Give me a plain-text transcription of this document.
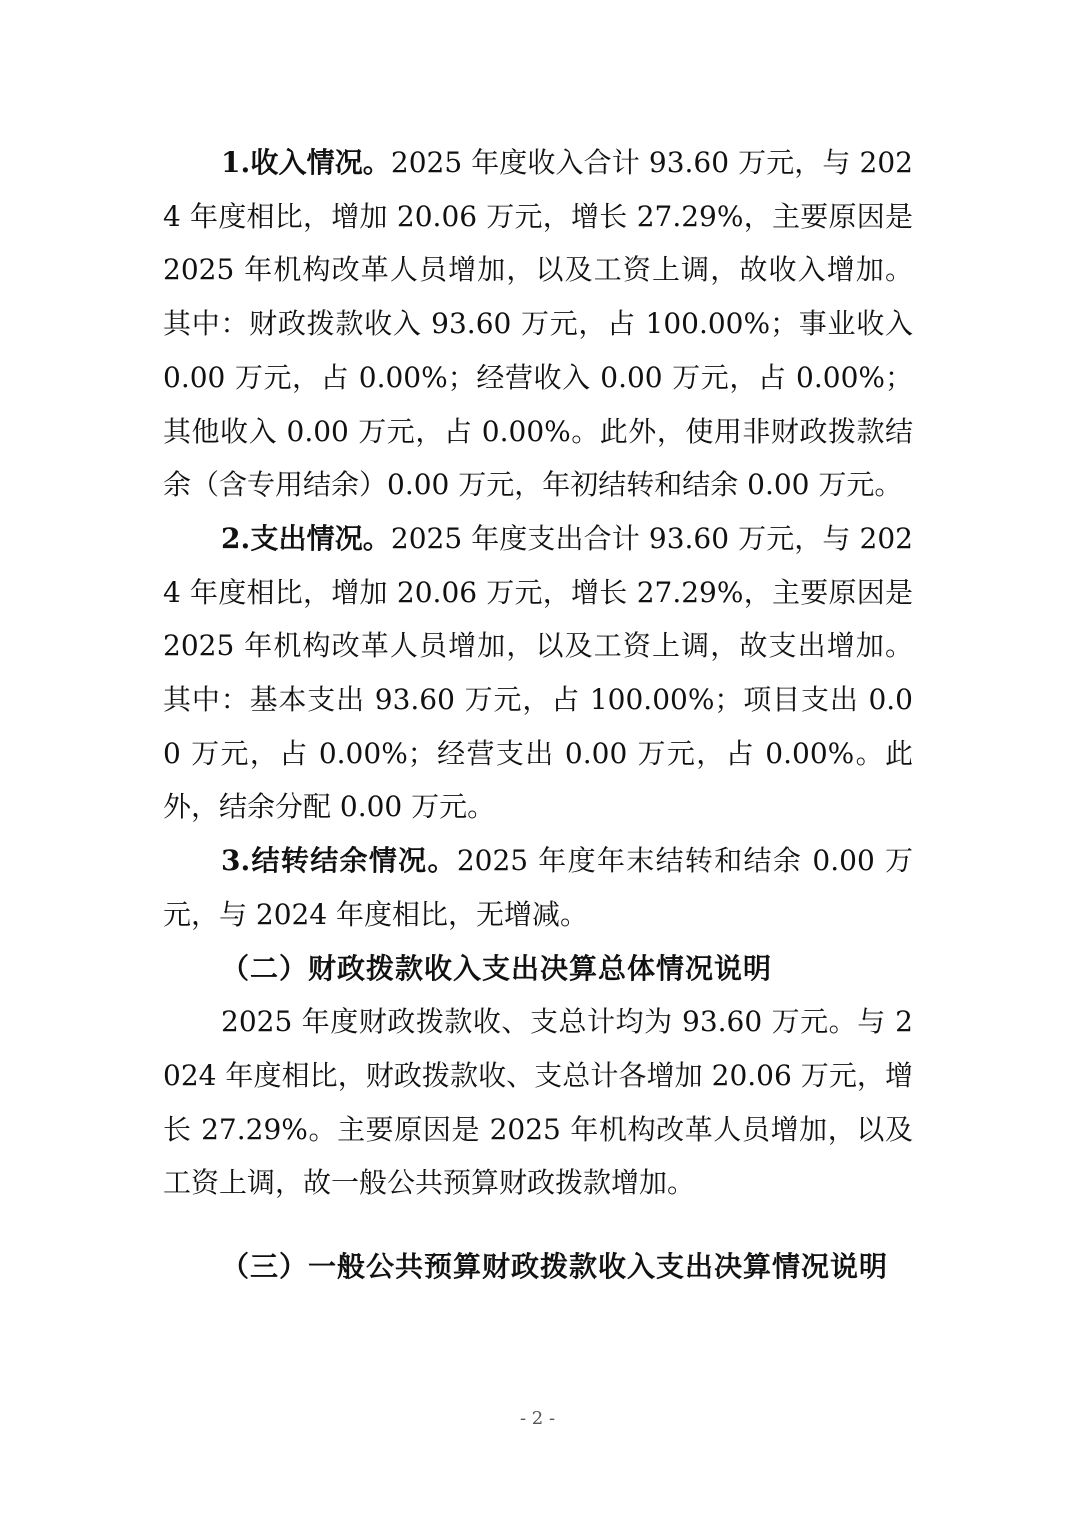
1.收入情况。2025 年度收入合计 93.60 万元，与 2024 年度相比，增加 20.06 万元，增长 27.29%，主要原因是 2025 年机构改革人员增加，以及工资上调，故收入增加。其中：财政拨款收入 93.60 万元，占 100.00%；事业收入 0.00 万元，占 0.00%；经营收入 0.00 万元，占 0.00%；其他收入 0.00 万元，占 0.00%。此外，使用非财政拨款结余（含专用结余）0.00 万元，年初结转和结余 0.00 万元。

2.支出情况。2025 年度支出合计 93.60 万元，与 2024 年度相比，增加 20.06 万元，增长 27.29%，主要原因是 2025 年机构改革人员增加，以及工资上调，故支出增加。其中：基本支出 93.60 万元，占 100.00%；项目支出 0.00 万元，占 0.00%；经营支出 0.00 万元，占 0.00%。此外，结余分配 0.00 万元。

3.结转结余情况。2025 年度年末结转和结余 0.00 万元，与 2024 年度相比，无增减。

（二）财政拨款收入支出决算总体情况说明

2025 年度财政拨款收、支总计均为 93.60 万元。与 2024 年度相比，财政拨款收、支总计各增加 20.06 万元，增长 27.29%。主要原因是 2025 年机构改革人员增加，以及工资上调，故一般公共预算财政拨款增加。

（三）一般公共预算财政拨款收入支出决算情况说明

- 2 -
